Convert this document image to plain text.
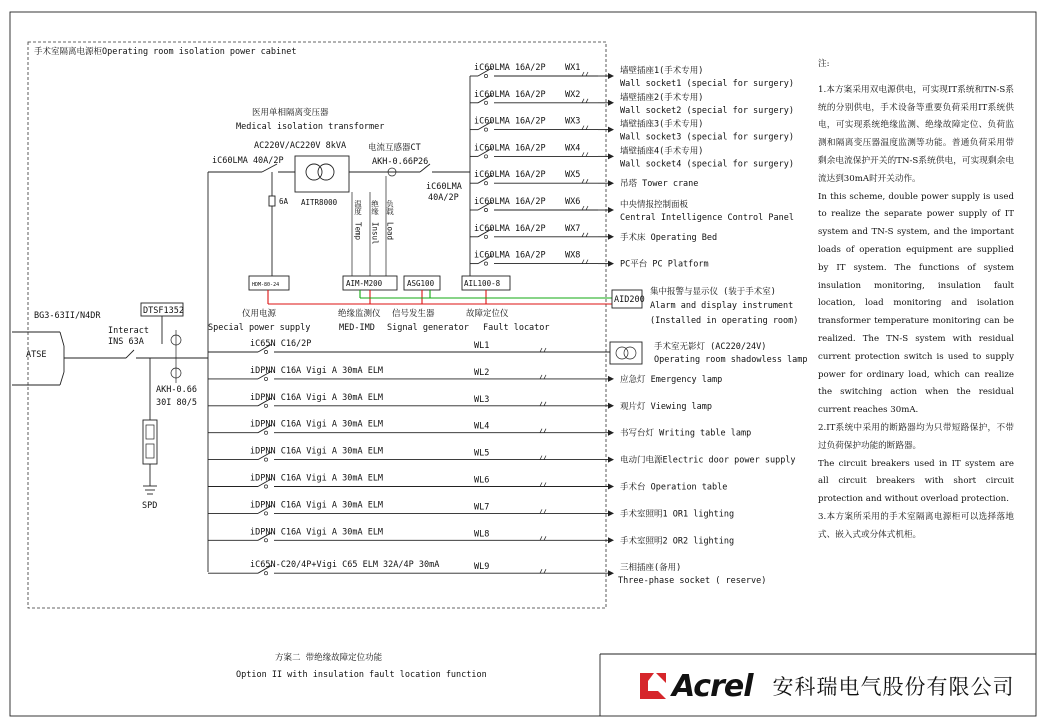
手术室隔离电源柜Operating room isolation power cabinet
医用单相隔离变压器
Medical isolation transformer
AC220V/AC220V 8kVA
AITR8000
电流互感器CT
AKH-0.66P26
iC60LMA 40A/2P
iC60LMA
40A/2P
6A	温度
Temp
绝缘
Insul
负载
Load
iC60LMA 16A/2P WX1	墙壁插座1(手术专用)
Wall socket1 (special for surgery)
iC60LMA 16A/2P WX2	墙壁插座2(手术专用)
Wall socket2 (special for surgery)
iC60LMA 16A/2P WX3	墙壁插座3(手术专用)
Wall socket3 (special for surgery)
iC60LMA 16A/2P WX4	墙壁插座4(手术专用)
Wall socket4 (special for surgery)
iC60LMA 16A/2P WX5
吊塔 Tower crane
iC60LMA 16A/2P WX6	中央情报控制面板
Central Intelligence Control Panel
iC60LMA 16A/2P WX7
手术床 Operating Bed
iC60LMA 16A/2P WX8
PC平台 PC Platform
HDM-80-24	AIM-M200	ASG100	AIL100-8
仪用电源
Special power supply
绝缘监测仪
MED-IMD
信号发生器
Signal generator
故障定位仪
Fault locator
AID200
集中报警与显示仪 (装于手术室)
Alarm and display instrument
(Installed in operating room)
BG3-63II/N4DR
ATSE
Interact
INS 63A
DTSF1352
AKH-0.66
30I 80/5
SPD
iC65N C16/2P	WL1	手术室无影灯 (AC220/24V)
Operating room shadowless lamp
iDPNN C16A Vigi A 30mA ELM	WL2
应急灯 Emergency lamp
iDPNN C16A Vigi A 30mA ELM	WL3
观片灯 Viewing lamp
iDPNN C16A Vigi A 30mA ELM	WL4
书写台灯 Writing table lamp
iDPNN C16A Vigi A 30mA ELM	WL5
电动门电源Electric door power supply
iDPNN C16A Vigi A 30mA ELM	WL6
手术台 Operation table
iDPNN C16A Vigi A 30mA ELM	WL7
手术室照明1 OR1 lighting
iDPNN C16A Vigi A 30mA ELM	WL8
手术室照明2 OR2 lighting
iC65N-C20/4P+Vigi C65 ELM 32A/4P 30mA	WL9	三相插座(备用)
Three-phase socket ( reserve)
方案二 带绝缘故障定位功能
Option II with insulation fault location function

注:

1.本方案采用双电源供电，可实现IT系统和TN-S系统的分别供电，手术设备等重要负荷采用IT系统供电，可实现系统绝缘监测、绝缘故障定位、负荷监测和隔离变压器温度监测等功能。普通负荷采用带剩余电流保护开关的TN-S系统供电，可实现剩余电流达到30mA时开关动作。

In this scheme, double power supply is used to realize the separate power supply of IT system and TN-S system, and the important loads of operation equipment are supplied by IT system. The functions of system insulation monitoring, insulation fault location, load monitoring and isolation transformer temperature monitoring can be realized. The TN-S system with residual current protection switch is used to supply power for ordinary load, which can realize the switching action when the residual current reaches 30mA.

2.IT系统中采用的断路器均为只带短路保护，不带过负荷保护功能的断路器。

The circuit breakers used in IT system are all circuit breakers with short circuit protection and without overload protection.

3.本方案所采用的手术室隔离电源柜可以选择落地式、嵌入式或分体式机柜。

Acrel 安科瑞电气股份有限公司
